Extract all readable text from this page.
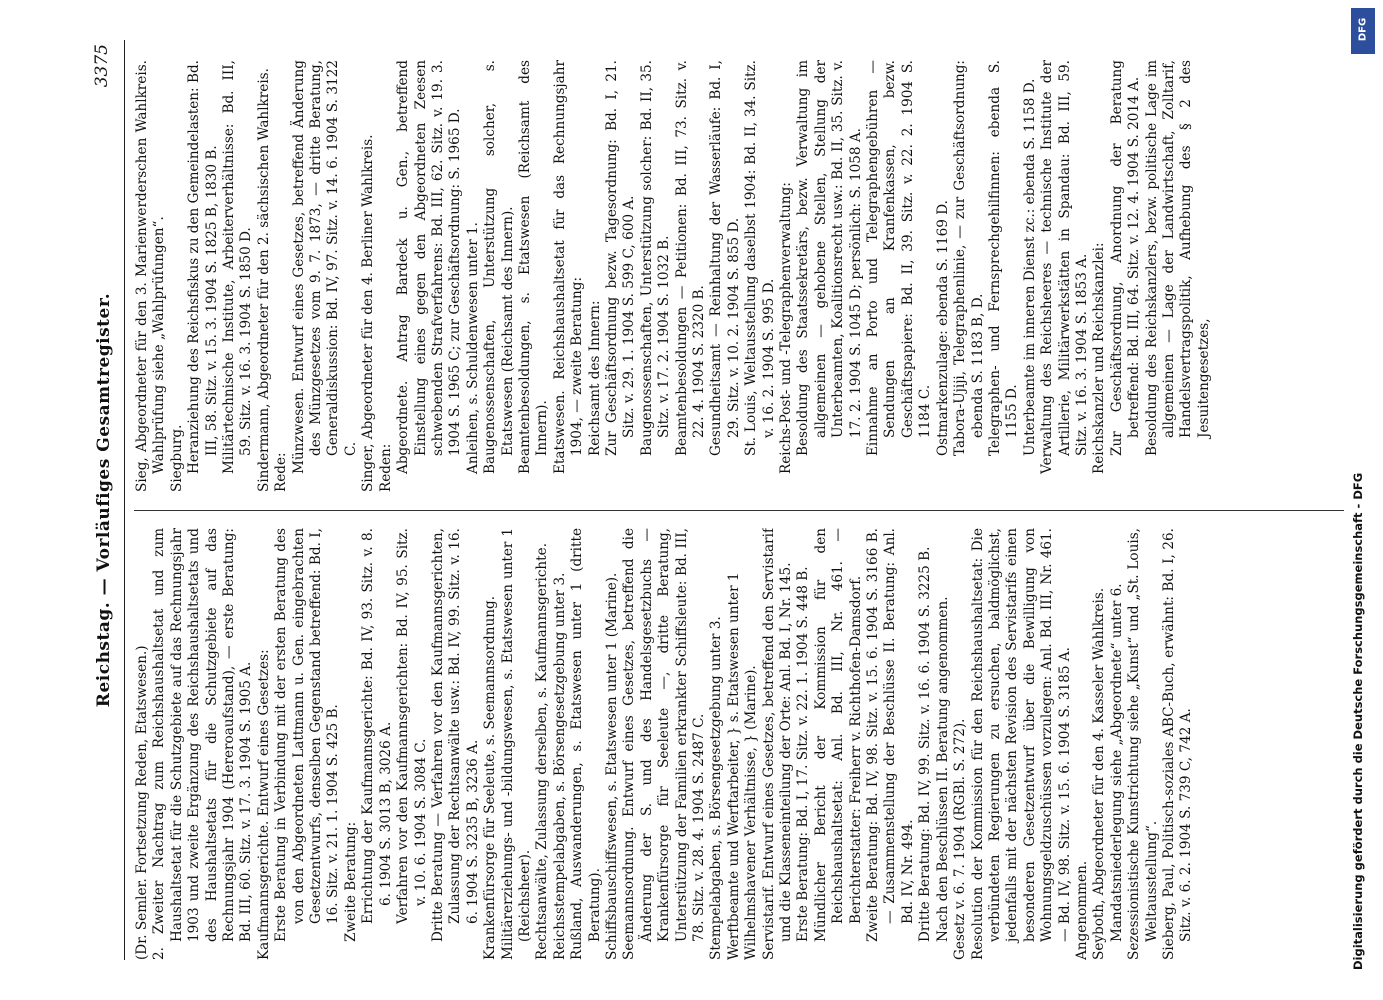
Reichstag. — Vorläufiges Gesamtregister.
3375

(Dr. Semler. Fortsetzung Reden, Etatswesen.) 2. Zweiter Nachtrag zum Reichshaushaltsetat und zum Haushaltsetat für die Schutzgebiete auf das Rechnungsjahr 1903 und zweite Ergänzung des Reichshaushaltsetats und des Haushaltsetats für die Schutzgebiete auf das Rechnungsjahr 1904 (Hereroaufstand), — erste Beratung: Bd. III, 60. Sitz. v. 17. 3. 1904 S. 1905 A. Kaufmannsgerichte. Entwurf eines Gesetzes: Erste Beratung in Verbindung mit der ersten Beratung des von den Abgeordneten Lattmann u. Gen. eingebrachten Gesetzentwurfs, denselben Gegenstand betreffend: Bd. I, 16. Sitz. v. 21. 1. 1904 S. 425 B. Zweite Beratung: Errichtung der Kaufmannsgerichte: Bd. IV, 93. Sitz. v. 8. 6. 1904 S. 3013 B, 3026 A. Verfahren vor den Kaufmannsgerichten: Bd. IV, 95. Sitz. v. 10. 6. 1904 S. 3084 C. Dritte Beratung — Verfahren vor den Kaufmannsgerichten, Zulassung der Rechtsanwälte usw.: Bd. IV, 99. Sitz. v. 16. 6. 1904 S. 3235 B, 3236 A. Krankenfürsorge für Seeleute, s. Seemannsordnung. Militärerziehungs- und -bildungswesen, s. Etatswesen unter 1 (Reichsheer). Rechtsanwälte, Zulassung derselben, s. Kaufmannsgerichte. Reichsstempelabgaben, s. Börsengesetzgebung unter 3. Rußland, Auswanderungen, s. Etatswesen unter 1 (dritte Beratung). Schiffsbauschiffswesen, s. Etatswesen unter 1 (Marine). Seemannsordnung. Entwurf eines Gesetzes, betreffend die Änderung der S. und des Handelsgesetzbuchs — Krankenfürsorge für Seeleute —, dritte Beratung, Unterstützung der Familien erkrankter Schiffsleute: Bd. III, 78. Sitz. v. 28. 4. 1904 S. 2487 C. Stempelabgaben, s. Börsengesetzgebung unter 3. Werftbeamte und Werftarbeiter, } s. Etatswesen unter 1 Wilhelmshavener Verhältnisse, } (Marine). Servistarif. Entwurf eines Gesetzes, betreffend den Servistarif und die Klasseneinteilung der Orte: Anl. Bd. I, Nr. 145. Erste Beratung: Bd. I, 17. Sitz. v. 22. 1. 1904 S. 448 B. Mündlicher Bericht der Kommission für den Reichshaushaltsetat: Anl. Bd. III, Nr. 461. — Berichterstatter: Freiherr v. Richthofen-Damsdorf. Zweite Beratung: Bd. IV, 98. Sitz. v. 15. 6. 1904 S. 3166 B. — Zusammenstellung der Beschlüsse II. Beratung: Anl. Bd. IV, Nr. 494. Dritte Beratung: Bd. IV, 99. Sitz. v. 16. 6. 1904 S. 3225 B. Nach den Beschlüssen II. Beratung angenommen. Gesetz v. 6. 7. 1904 (RGBl. S. 272). Resolution der Kommission für den Reichshaushaltsetat: Die verbündeten Regierungen zu ersuchen, baldmöglichst, jedenfalls mit der nächsten Revision des Servistarifs einen besonderen Gesetzentwurf über die Bewilligung von Wohnungsgeldzuschüssen vorzulegen: Anl. Bd. III, Nr. 461. — Bd. IV, 98. Sitz. v. 15. 6. 1904 S. 3185 A. Angenommen. Seyboth, Abgeordneter für den 4. Kasseler Wahlkreis. Mandatsniederlegung siehe „Abgeordnete“ unter 6. Sezessionistische Kunstrichtung siehe „Kunst“ und „St. Louis, Weltausstellung“. Sieberg, Paul, Politisch-soziales ABC-Buch, erwähnt: Bd. I, 26. Sitz. v. 6. 2. 1904 S. 739 C, 742 A.

Sieg, Abgeordneter für den 3. Marienwerderschen Wahlkreis. Wahlprüfung siehe „Wahlprüfungen“. Siegburg. Heranziehung des Reichsfiskus zu den Gemeindelasten: Bd. III, 58. Sitz. v. 15. 3. 1904 S. 1825 B, 1830 B. Militärtechnische Institute, Arbeiterverhältnisse: Bd. III, 59. Sitz. v. 16. 3. 1904 S. 1850 D. Sindermann, Abgeordneter für den 2. sächsischen Wahlkreis. Rede: Münzwesen. Entwurf eines Gesetzes, betreffend Änderung des Münzgesetzes vom 9. 7. 1873, — dritte Beratung, Generaldiskussion: Bd. IV, 97. Sitz. v. 14. 6. 1904 S. 3122 C. Singer, Abgeordneter für den 4. Berliner Wahlkreis. Reden: Abgeordnete. Antrag Bardeck u. Gen., betreffend Einstellung eines gegen den Abgeordneten Zeesen schwebenden Strafverfahrens: Bd. III, 62. Sitz. v. 19. 3. 1904 S. 1965 C; zur Geschäftsordnung: S. 1965 D. Anleihen, s. Schuldenwesen unter 1. Baugenossenschaften, Unterstützung solcher, s. Etatswesen (Reichsamt des Innern). Beamtenbesoldungen, s. Etatswesen (Reichsamt des Innern). Etatswesen. Reichshaushaltsetat für das Rechnungsjahr 1904, — zweite Beratung: Reichsamt des Innern: Zur Geschäftsordnung bezw. Tagesordnung: Bd. I, 21. Sitz. v. 29. 1. 1904 S. 599 C, 600 A. Baugenossenschaften, Unterstützung solcher: Bd. II, 35. Sitz. v. 17. 2. 1904 S. 1032 B. Beamtenbesoldungen — Petitionen: Bd. III, 73. Sitz. v. 22. 4. 1904 S. 2320 B. Gesundheitsamt — Reinhaltung der Wasserläufe: Bd. I, 29. Sitz. v. 10. 2. 1904 S. 855 D. St. Louis, Weltausstellung daselbst 1904: Bd. II, 34. Sitz. v. 16. 2. 1904 S. 995 D. Reichs-Post- und -Telegraphenverwaltung: Besoldung des Staatssekretärs, bezw. Verwaltung im allgemeinen — gehobene Stellen, Stellung der Unterbeamten, Koalitionsrecht usw.: Bd. II, 35. Sitz. v. 17. 2. 1904 S. 1045 D; persönlich: S. 1058 A. Einnahme an Porto und Telegraphengebühren — Sendungen an Kranfenkassen, bezw. Geschäftspapiere: Bd. II, 39. Sitz. v. 22. 2. 1904 S. 1184 C. Ostmarkenzulage: ebenda S. 1169 D. Tabora-Ujiji, Telegraphenlinie, — zur Geschäftsordnung: ebenda S. 1183 B, D. Telegraphen- und Fernsprechgehilfinnen: ebenda S. 1155 D. Unterbeamte im inneren Dienst zc.: ebenda S. 1158 D. Verwaltung des Reichsheeres — technische Institute der Artillerie, Militärwerkstätten in Spandau: Bd. III, 59. Sitz. v. 16. 3. 1904 S. 1853 A. Reichskanzler und Reichskanzlei: Zur Geschäftsordnung, Anordnung der Beratung betreffend: Bd. III, 64. Sitz. v. 12. 4. 1904 S. 2014 A. Besoldung des Reichskanzlers, bezw. politische Lage im allgemeinen — Lage der Landwirtschaft, Zolltarif, Handelsvertragspolitik, Aufhebung des § 2 des Jesuitengesetzes,

Digitalisierung gefördert durch die Deutsche Forschungsgemeinschaft - DFG
DFG
